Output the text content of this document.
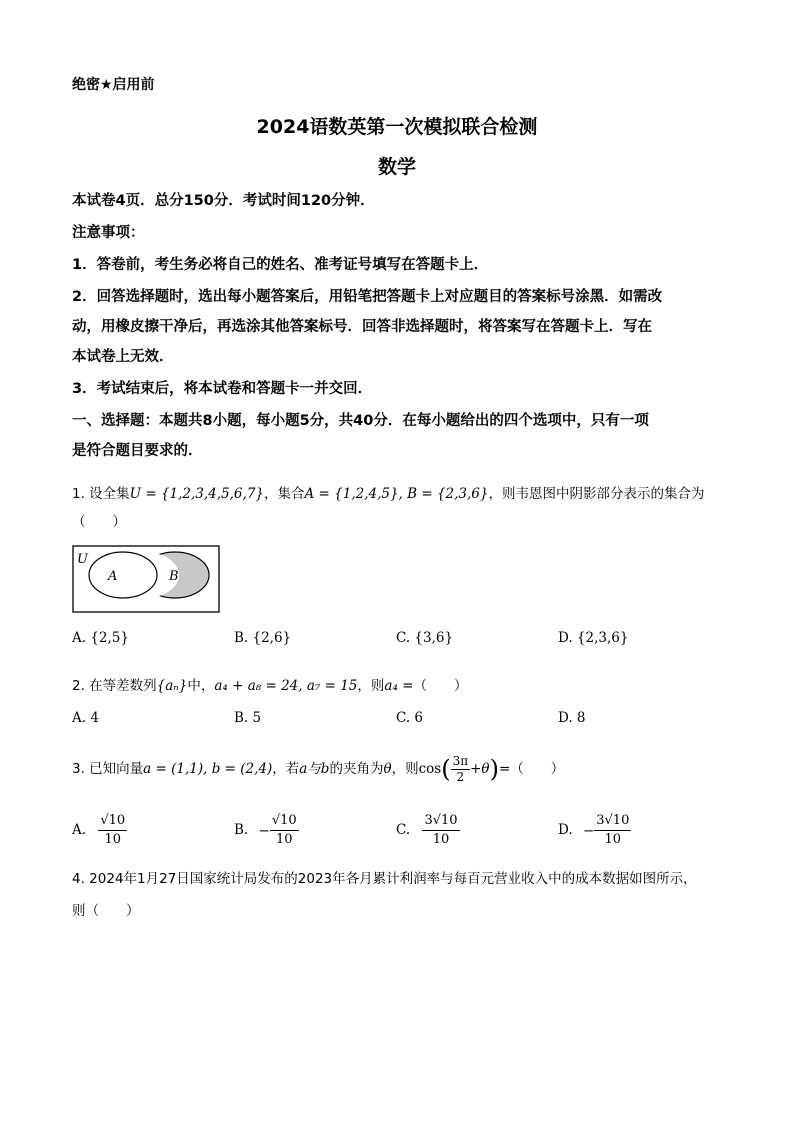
绝密★启用前
2024语数英第一次模拟联合检测
数学
本试卷4页．总分150分．考试时间120分钟．
注意事项：
1．答卷前，考生务必将自己的姓名、准考证号填写在答题卡上．
2．回答选择题时，选出每小题答案后，用铅笔把答题卡上对应题目的答案标号涂黑．如需改
动，用橡皮擦干净后，再选涂其他答案标号．回答非选择题时，将答案写在答题卡上．写在
本试卷上无效．
3．考试结束后，将本试卷和答题卡一并交回．
一、选择题：本题共8小题，每小题5分，共40分．在每小题给出的四个选项中，只有一项
是符合题目要求的．
1. 设全集U = {1,2,3,4,5,6,7}，集合A = {1,2,4,5}, B = {2,3,6}，则韦恩图中阴影部分表示的集合为
（　　）
U
A	B
A. {2,5}	B. {2,6}	C. {3,6}	D. {2,3,6}
2. 在等差数列{aₙ}中，a₄ + a₈ = 24, a₇ = 15，则a₄ =（　　）
A. 4	B. 5	C. 6	D. 8
3. 已知向量a = (1,1), b = (2,4)，若a与b的夹角为θ，则$\cos( \frac{3\pi}{2} +\theta)=$（　　）
A. $\frac{√10}{10}$	B. − $\frac{√10}{10}$	C. $\frac{3√10}{10}$	D. − $\frac{3√10}{10}$
4. 2024年1月27日国家统计局发布的2023年各月累计利润率与每百元营业收入中的成本数据如图所示，
则（　　）
